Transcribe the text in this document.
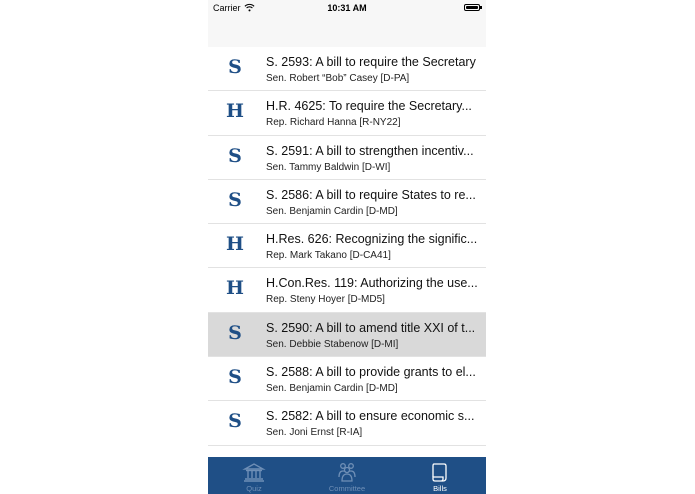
Carrier	10:31 AM
S S. 2593: A bill to require the Secretary
Sen. Robert “Bob” Casey [D-PA]
H H.R. 4625: To require the Secretary...
Rep. Richard Hanna [R-NY22]
S S. 2591: A bill to strengthen incentiv...
Sen. Tammy Baldwin [D-WI]
S S. 2586: A bill to require States to re...
Sen. Benjamin Cardin [D-MD]
H H.Res. 626: Recognizing the signific...
Rep. Mark Takano [D-CA41]
H H.Con.Res. 119: Authorizing the use...
Rep. Steny Hoyer [D-MD5]
S S. 2590: A bill to amend title XXI of t...
Sen. Debbie Stabenow [D-MI]
S S. 2588: A bill to provide grants to el...
Sen. Benjamin Cardin [D-MD]
S S. 2582: A bill to ensure economic s...
Sen. Joni Ernst [R-IA]
Quiz	Committee	Bills
